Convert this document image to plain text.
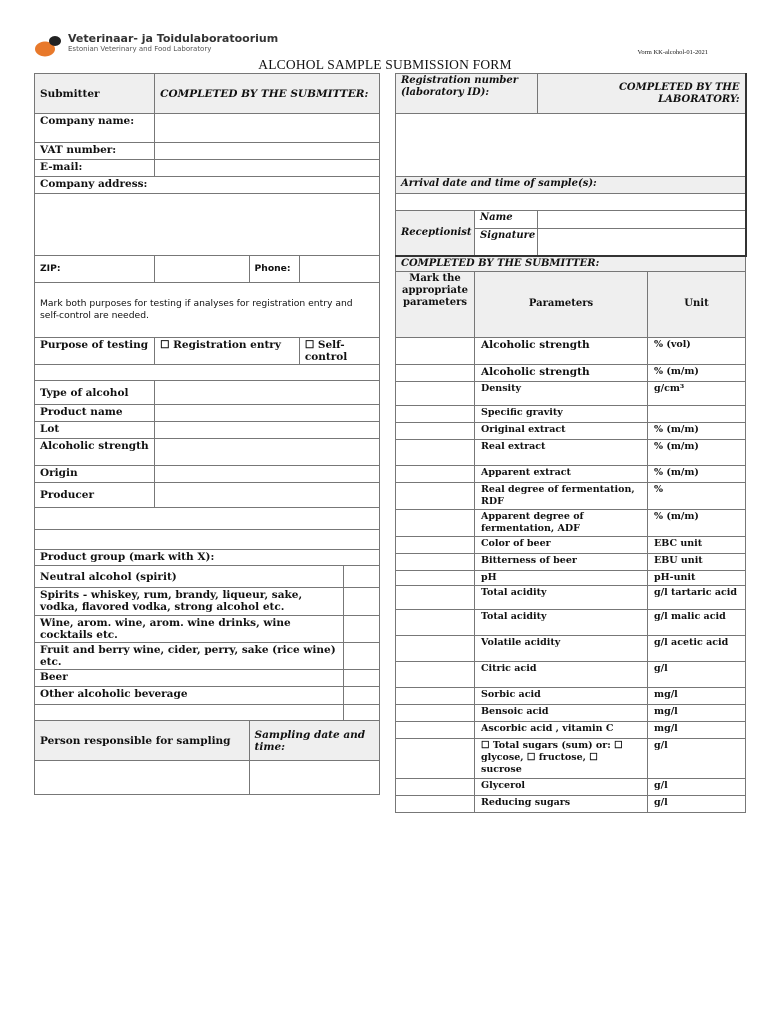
Veterinaar- ja Toidulaboratoorium
Estonian Veterinary and Food Laboratory	Vorm KK-alcohol-01-2021
ALCOHOL SAMPLE SUBMISSION FORM
Submitter	COMPLETED BY THE SUBMITTER:			
Company name:				
VAT number:				
E-mail:				
Company address:				

ZIP:		Phone:		
Mark both purposes for testing if analyses for registration entry and self-control are needed.				
Purpose of testing	☐ Registration entry		☐ Self-control	

Type of alcohol				
Product name				
Lot				
Alcoholic strength				
Origin				
Producer				

Product group (mark with X):				
Neutral alcohol (spirit)				
Spirits - whiskey, rum, brandy, liqueur, sake, vodka, flavored vodka, strong alcohol etc.				
Wine, arom. wine, arom. wine drinks, wine cocktails etc.				
Fruit and berry wine, cider, perry, sake (rice wine) etc.				
Beer				
Other alcoholic beverage				

Person responsible for sampling		Sampling date and time:		

Registration number (laboratory ID):		COMPLETED BY THE LABORATORY:	

Arrival date and time of sample(s):			

Receptionist	Name		
	Signature		
COMPLETED BY THE SUBMITTER:			
Mark the appropriate parameters	Parameters		Unit
	Alcoholic strength		% (vol)
	Alcoholic strength		% (m/m)
	Density		g/cm³
	Specific gravity		
	Original extract		% (m/m)
	Real extract		% (m/m)
	Apparent extract		% (m/m)
	Real degree of fermentation, RDF		%
	Apparent degree of fermentation, ADF		% (m/m)
	Color of beer		EBC unit
	Bitterness of beer		EBU unit
	pH		pH-unit
	Total acidity		g/l tartaric acid
	Total acidity		g/l malic acid
	Volatile acidity		g/l acetic acid
	Citric acid		g/l
	Sorbic acid		mg/l
	Bensoic acid		mg/l
	Ascorbic acid , vitamin C		mg/l
	☐ Total sugars (sum) or: ☐ glycose, ☐ fructose, ☐ sucrose		g/l
	Glycerol		g/l
	Reducing sugars		g/l
